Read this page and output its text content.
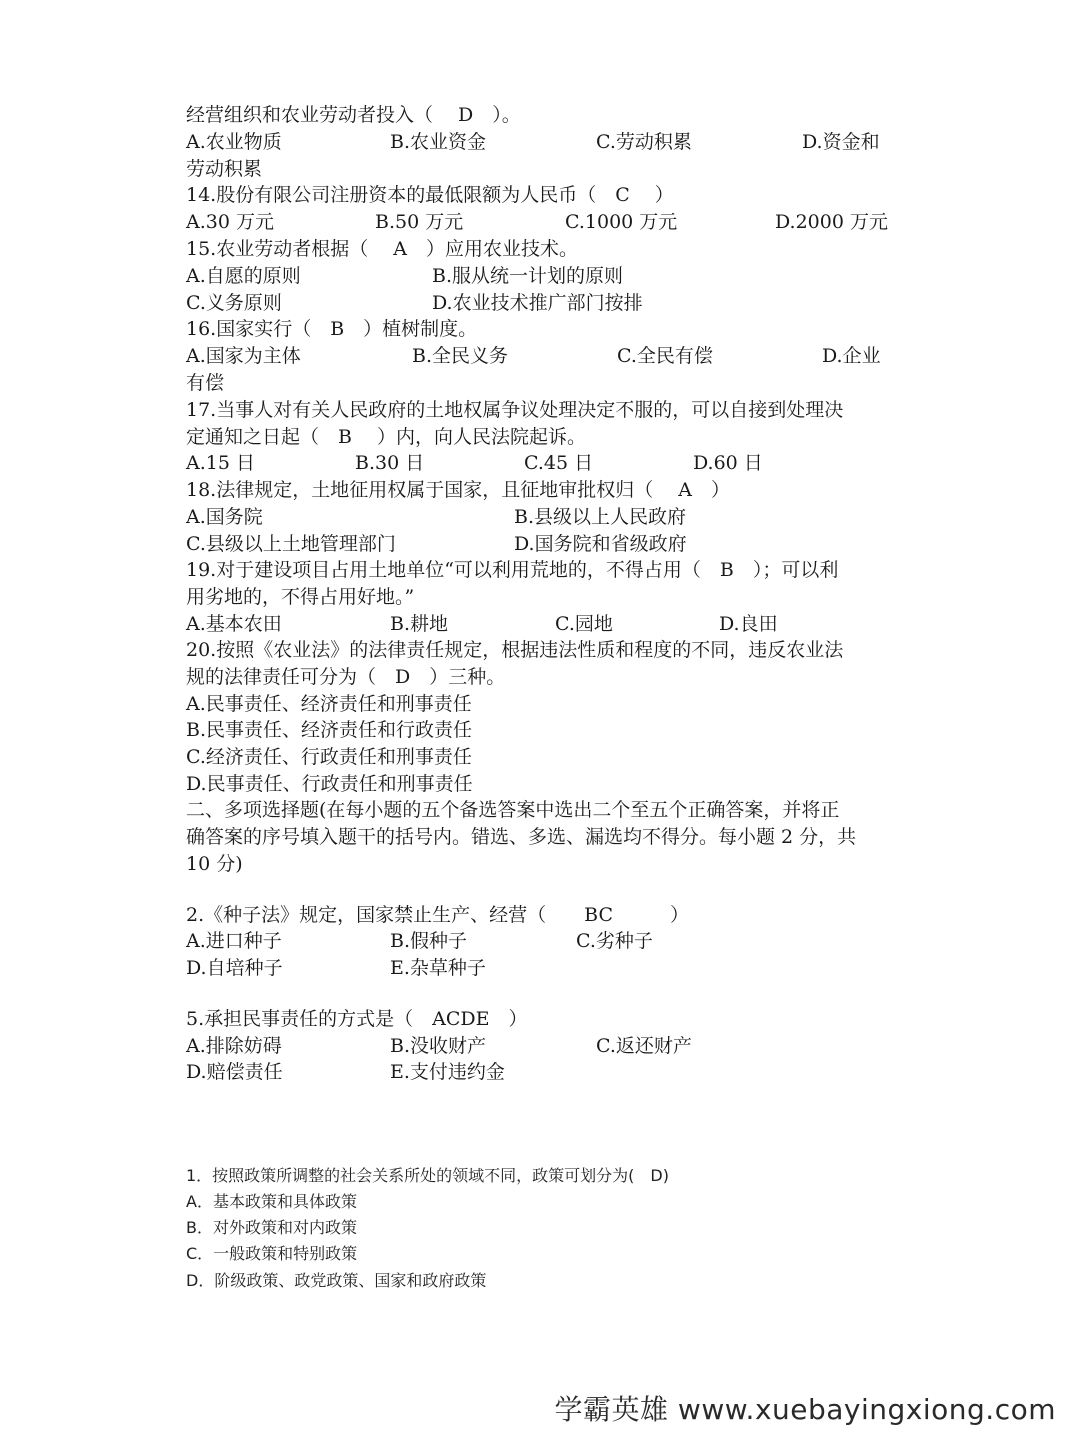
经营组织和农业劳动者投入（　 D　）。
A.农业物质	B.农业资金	C.劳动积累	D.资金和
劳动积累
14.股份有限公司注册资本的最低限额为人民币（　C　 ）
A.30 万元	B.50 万元	C.1000 万元	D.2000 万元
15.农业劳动者根据（　 A　）应用农业技术。
A.自愿的原则	B.服从统一计划的原则
C.义务原则	D.农业技术推广部门按排
16.国家实行（　B　）植树制度。
A.国家为主体	B.全民义务	C.全民有偿	D.企业
有偿
17.当事人对有关人民政府的土地权属争议处理决定不服的，可以自接到处理决
定通知之日起（　B　 ）内，向人民法院起诉。
A.15 日	B.30 日	C.45 日	D.60 日
18.法律规定，土地征用权属于国家，且征地审批权归（　 A　）
A.国务院	B.县级以上人民政府
C.县级以上土地管理部门	D.国务院和省级政府
19.对于建设项目占用土地单位“可以利用荒地的，不得占用（　B　）；可以利
用劣地的，不得占用好地。”
A.基本农田	B.耕地	C.园地	D.良田
20.按照《农业法》的法律责任规定，根据违法性质和程度的不同，违反农业法
规的法律责任可分为（　D　）三种。
A.民事责任、经济责任和刑事责任
B.民事责任、经济责任和行政责任
C.经济责任、行政责任和刑事责任
D.民事责任、行政责任和刑事责任
二、多项选择题(在每小题的五个备选答案中选出二个至五个正确答案，并将正
确答案的序号填入题干的括号内。错选、多选、漏选均不得分。每小题 2 分，共
10 分)
2.《种子法》规定，国家禁止生产、经营（　　BC　　　）
A.进口种子	B.假种子	C.劣种子
D.自培种子	E.杂草种子
5.承担民事责任的方式是（　ACDE　）
A.排除妨碍	B.没收财产	C.返还财产
D.赔偿责任	E.支付违约金
1．按照政策所调整的社会关系所处的领域不同，政策可划分为(　D)
A．基本政策和具体政策
B．对外政策和对内政策
C．一般政策和特别政策
D．阶级政策、政党政策、国家和政府政策
学霸英雄 www.xuebayingxiong.com
